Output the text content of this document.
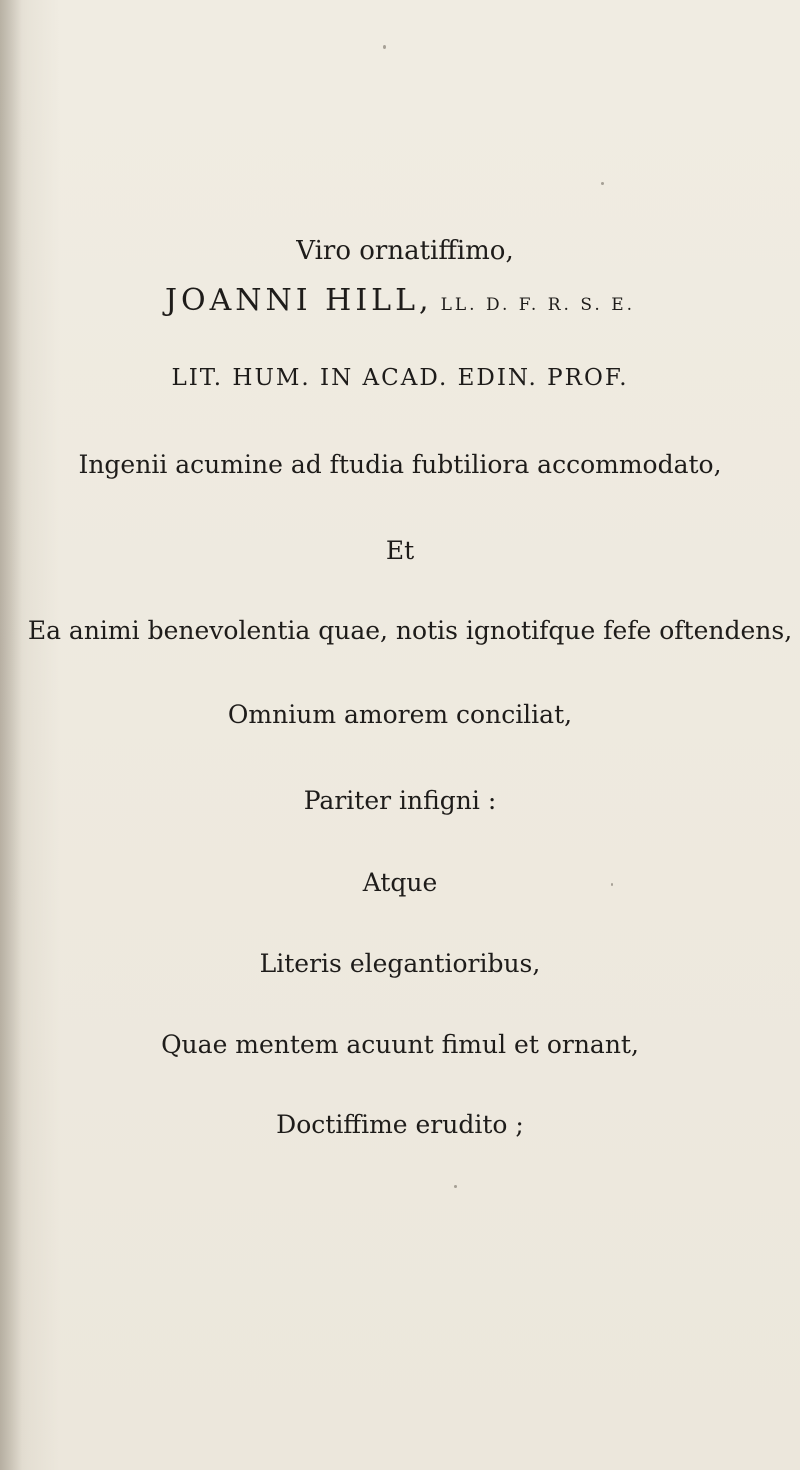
Viro ornatiffimo,
JOANNI HILL, LL. D. F. R. S. E.
LIT. HUM. IN ACAD. EDIN. PROF.
Ingenii acumine ad ftudia fubtiliora accommodato,
Et
Ea animi benevolentia quae, notis ignotifque fefe oftendens,
Omnium amorem conciliat,
Pariter infigni :
Atque
Literis elegantioribus,
Quae mentem acuunt fimul et ornant,
Doctiffime erudito ;
